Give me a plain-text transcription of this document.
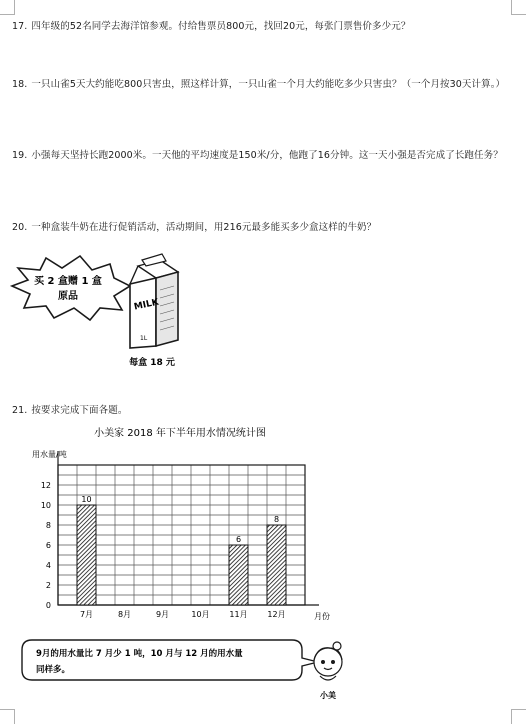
17. 四年级的52名同学去海洋馆参观。付给售票员800元，找回20元，每张门票售价多少元？
18. 一只山雀5天大约能吃800只害虫，照这样计算，一只山雀一个月大约能吃多少只害虫？（一个月按30天计算。）
19. 小强每天坚持长跑2000米。一天他的平均速度是150米/分，他跑了16分钟。这一天小强是否完成了长跑任务？
20. 一种盒装牛奶在进行促销活动，活动期间，用216元最多能买多少盒这样的牛奶？
买 2 盒赠 1 盒
原品
MILK
1L
每盒 18 元
21. 按要求完成下面各题。
小美家 2018 年下半年用水情况统计图
用水量/吨
10
6
8
0
2
4
6
8
10
12
7月	8月	9月	10月 11月 12月	月份
9月的用水量比 7 月少 1 吨，10 月与 12 月的用水量
同样多。
小美
